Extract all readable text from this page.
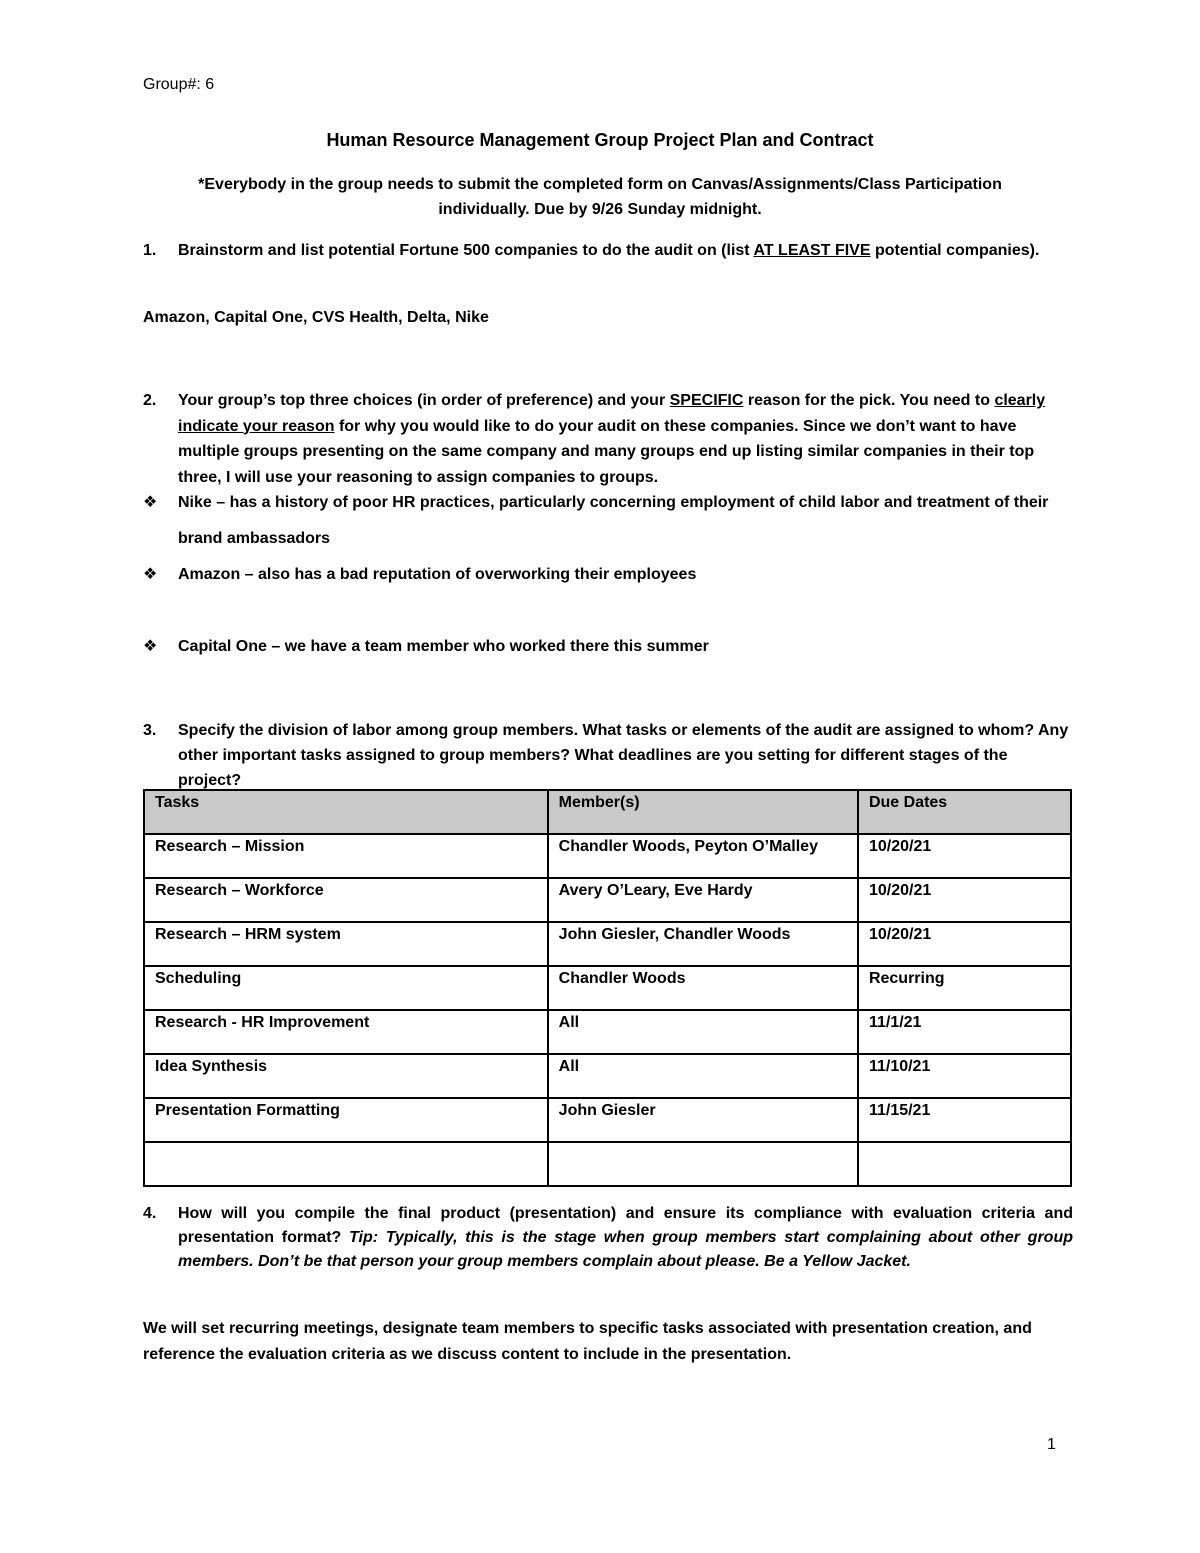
Group#: 6
Human Resource Management Group Project Plan and Contract
*Everybody in the group needs to submit the completed form on Canvas/Assignments/Class Participation
individually. Due by 9/26 Sunday midnight.
1. Brainstorm and list potential Fortune 500 companies to do the audit on (list AT LEAST FIVE potential companies).
Amazon, Capital One, CVS Health, Delta, Nike
2. Your group’s top three choices (in order of preference) and your SPECIFIC reason for the pick. You need to clearly indicate your reason for why you would like to do your audit on these companies. Since we don’t want to have multiple groups presenting on the same company and many groups end up listing similar companies in their top three, I will use your reasoning to assign companies to groups.
❖ Nike – has a history of poor HR practices, particularly concerning employment of child labor and treatment of their brand ambassadors
❖ Amazon – also has a bad reputation of overworking their employees
❖ Capital One – we have a team member who worked there this summer
3. Specify the division of labor among group members. What tasks or elements of the audit are assigned to whom? Any other important tasks assigned to group members? What deadlines are you setting for different stages of the project?
Tasks	Member(s)	Due Dates
Research – Mission	Chandler Woods, Peyton O’Malley	10/20/21
Research – Workforce	Avery O’Leary, Eve Hardy	10/20/21
Research – HRM system	John Giesler, Chandler Woods	10/20/21
Scheduling	Chandler Woods	Recurring
Research - HR Improvement	All	11/1/21
Idea Synthesis	All	11/10/21
Presentation Formatting	John Giesler	11/15/21

4. How will you compile the final product (presentation) and ensure its compliance with evaluation criteria and presentation format? Tip: Typically, this is the stage when group members start complaining about other group members. Don’t be that person your group members complain about please. Be a Yellow Jacket.
We will set recurring meetings, designate team members to specific tasks associated with presentation creation, and reference the evaluation criteria as we discuss content to include in the presentation.
1
